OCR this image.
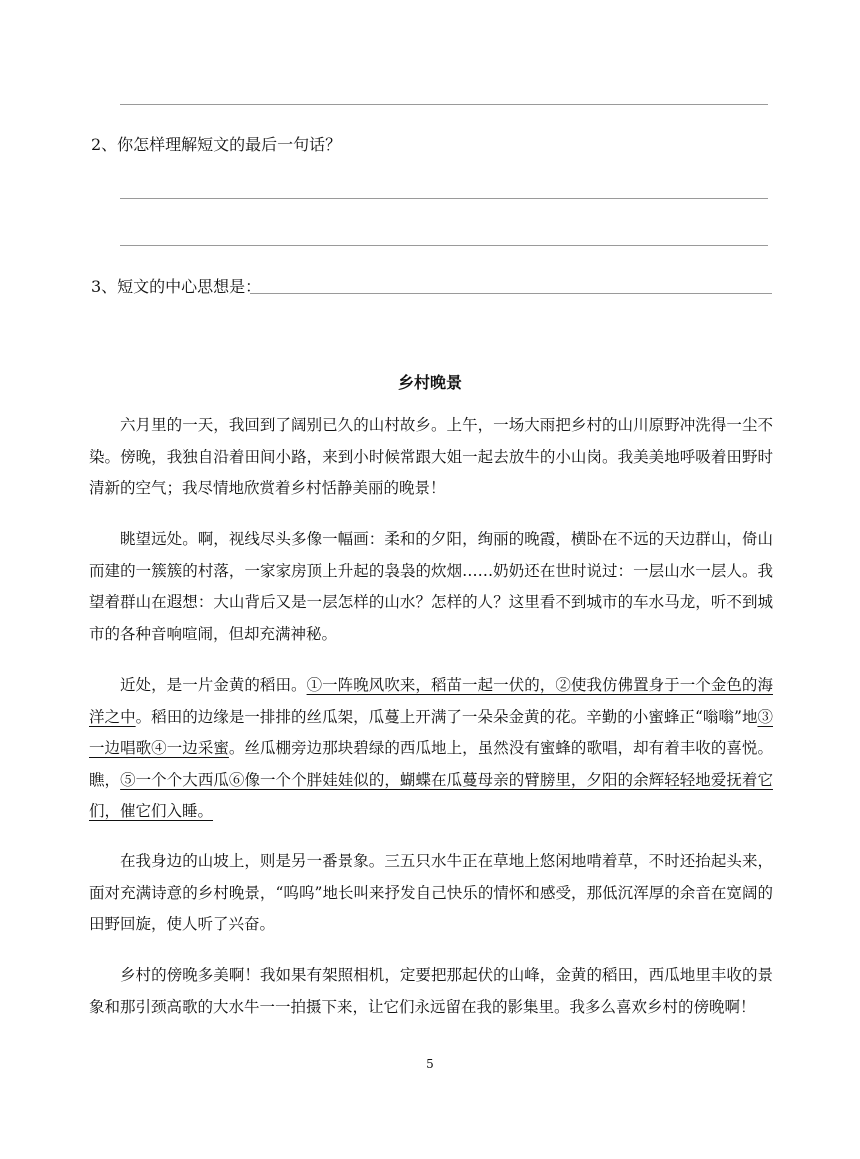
2、你怎样理解短文的最后一句话？
3、短文的中心思想是：
乡村晚景

六月里的一天，我回到了阔别已久的山村故乡。上午，一场大雨把乡村的山川原野冲洗得一尘不染。傍晚，我独自沿着田间小路，来到小时候常跟大姐一起去放牛的小山岗。我美美地呼吸着田野时清新的空气；我尽情地欣赏着乡村恬静美丽的晚景！

眺望远处。啊，视线尽头多像一幅画：柔和的夕阳，绚丽的晚霞，横卧在不远的天边群山，倚山而建的一簇簇的村落，一家家房顶上升起的袅袅的炊烟……奶奶还在世时说过：一层山水一层人。我望着群山在遐想：大山背后又是一层怎样的山水？怎样的人？这里看不到城市的车水马龙，听不到城市的各种音响喧闹，但却充满神秘。

近处，是一片金黄的稻田。①一阵晚风吹来，稻苗一起一伏的，②使我仿佛置身于一个金色的海洋之中。稻田的边缘是一排排的丝瓜架，瓜蔓上开满了一朵朵金黄的花。辛勤的小蜜蜂正“嗡嗡”地③一边唱歌④一边采蜜。丝瓜棚旁边那块碧绿的西瓜地上，虽然没有蜜蜂的歌唱，却有着丰收的喜悦。瞧，⑤一个个大西瓜⑥像一个个胖娃娃似的，蝴蝶在瓜蔓母亲的臂膀里，夕阳的余辉轻轻地爱抚着它们，催它们入睡。

在我身边的山坡上，则是另一番景象。三五只水牛正在草地上悠闲地啃着草，不时还抬起头来，面对充满诗意的乡村晚景，“呜呜”地长叫来抒发自己快乐的情怀和感受，那低沉浑厚的余音在宽阔的田野回旋，使人听了兴奋。

乡村的傍晚多美啊！我如果有架照相机，定要把那起伏的山峰，金黄的稻田，西瓜地里丰收的景象和那引颈高歌的大水牛一一拍摄下来，让它们永远留在我的影集里。我多么喜欢乡村的傍晚啊！

5
